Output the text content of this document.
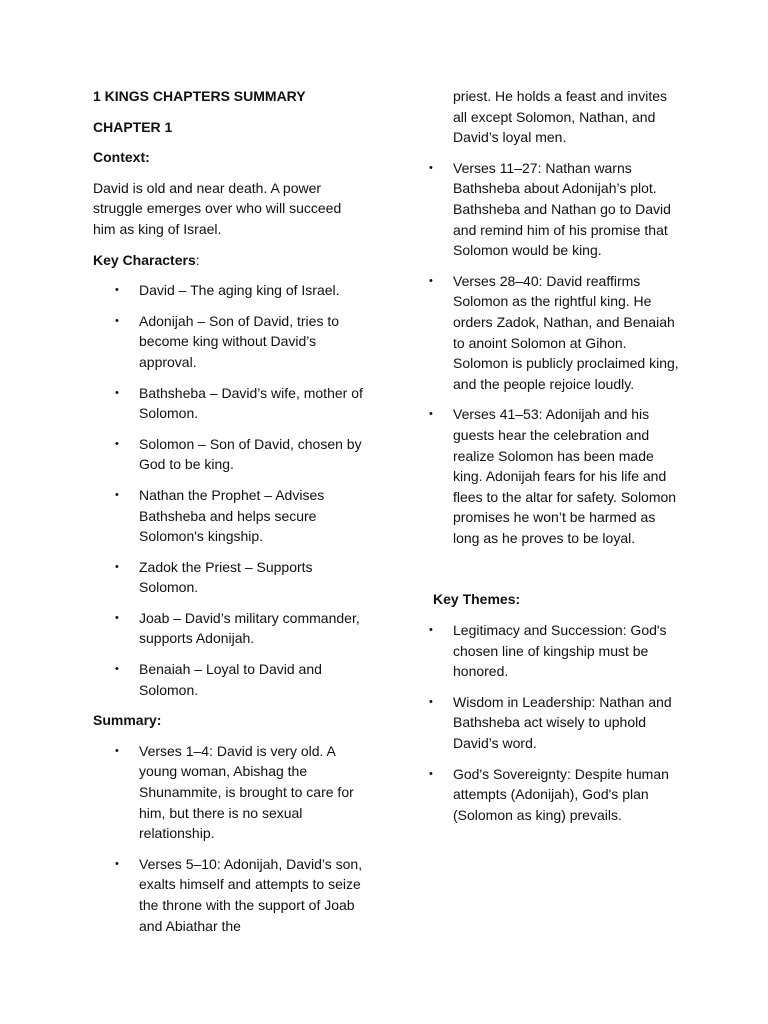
1 KINGS CHAPTERS SUMMARY

CHAPTER 1

Context:

David is old and near death. A power struggle emerges over who will succeed him as king of Israel.

Key Characters:

•	David – The aging king of Israel.
•	Adonijah – Son of David, tries to become king without David’s approval.
•	Bathsheba – David’s wife, mother of Solomon.
•	Solomon – Son of David, chosen by God to be king.
•	Nathan the Prophet – Advises Bathsheba and helps secure Solomon's kingship.
•	Zadok the Priest – Supports Solomon.
•	Joab – David’s military commander, supports Adonijah.
•	Benaiah – Loyal to David and Solomon.

Summary:

•	Verses 1–4: David is very old. A young woman, Abishag the Shunammite, is brought to care for him, but there is no sexual relationship.
•	Verses 5–10: Adonijah, David’s son, exalts himself and attempts to seize the throne with the support of Joab and Abiathar the

priest. He holds a feast and invites all except Solomon, Nathan, and David’s loyal men.

•	Verses 11–27: Nathan warns Bathsheba about Adonijah’s plot. Bathsheba and Nathan go to David and remind him of his promise that Solomon would be king.
•	Verses 28–40: David reaffirms Solomon as the rightful king. He orders Zadok, Nathan, and Benaiah to anoint Solomon at Gihon. Solomon is publicly proclaimed king, and the people rejoice loudly.
•	Verses 41–53: Adonijah and his guests hear the celebration and realize Solomon has been made king. Adonijah fears for his life and flees to the altar for safety. Solomon promises he won’t be harmed as long as he proves to be loyal.

Key Themes:

•	Legitimacy and Succession: God's chosen line of kingship must be honored.
•	Wisdom in Leadership: Nathan and Bathsheba act wisely to uphold David’s word.
•	God's Sovereignty: Despite human attempts (Adonijah), God's plan (Solomon as king) prevails.
